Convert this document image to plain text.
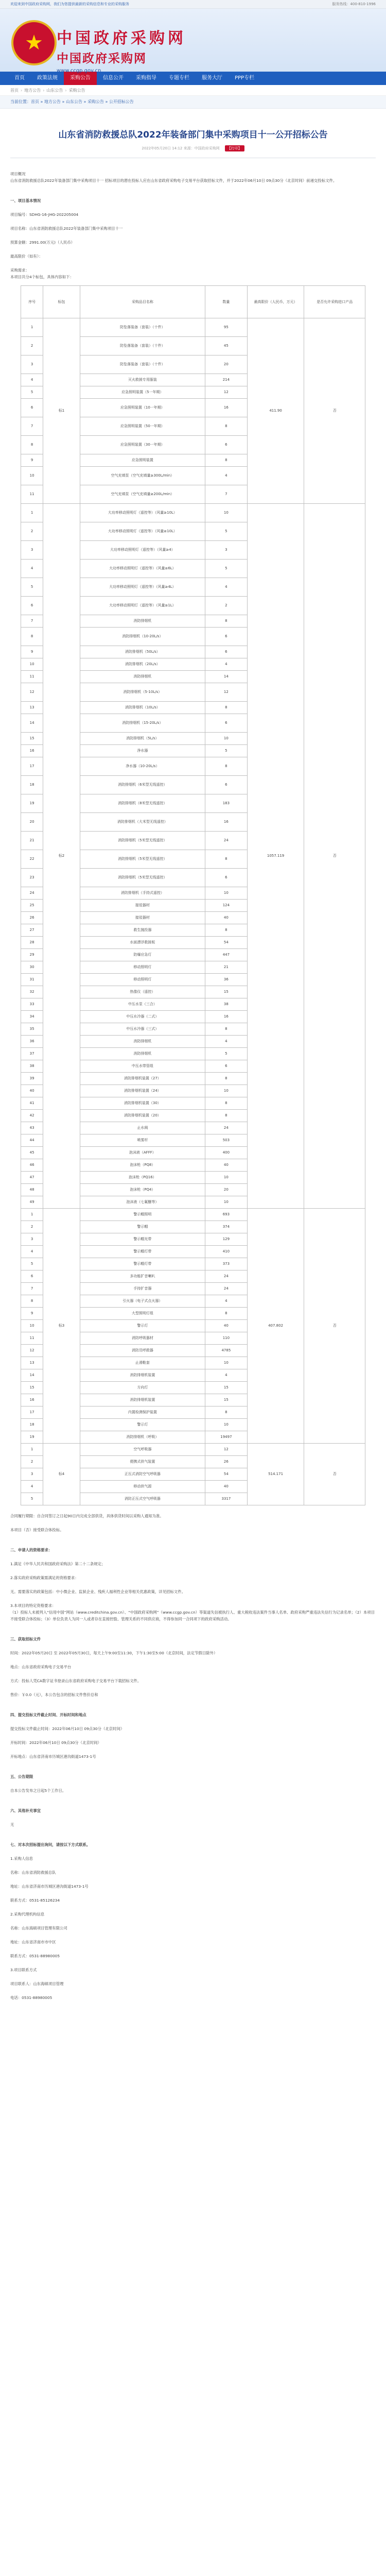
欢迎来到中国政府采购网，我们为您提供最新的采购信息和专业的采购服务	服务热线：400-810-1996
★ 中国政府采购网
中国政府采购网
www.ccgp.gov.cn
首页	政策法规	采购公告	信息公开	采购指导	专题专栏	服务大厅	PPP专栏
首页 › 地方公告 › 山东公告 › 采购公告
当前位置：首页 » 地方公告 » 山东公告 » 采购公告 » 公开招标公告
山东省消防救援总队2022年装备部门集中采购项目十一公开招标公告
2022年05月20日 14:12 来源：中国政府采购网	【打印】

项目概况

山东省消防救援总队2022年装备部门集中采购项目十一 招标项目的潜在投标人应在山东省政府采购电子交易平台获取招标文件，并于2022年06月10日 09点30分（北京时间）前递交投标文件。

一、项目基本情况

项目编号：SDHG-16-JHG-202205004

项目名称：山东省消防救援总队2022年装备部门集中采购项目十一

预算金额：2991.00(万元)（人民币）

最高限价（如有）：

采购需求：

本项目共分4个标包，具体内容如下：

序号	标包	采购品目名称	数量	最高限价（人民币，万元）	是否允许采购进口产品
1	标1	防坠落装备（套装）（十件）	95	411.90	否
2		防坠落装备（套装）（十件）	45		
3		防坠落装备（套装）（十件）	20		
4		灭火救援专用服装	214		
5		应急照明装置（5一年期）	12		
6		应急照明装置（10一年期）	16		
7		应急照明装置（50一年期）	8		
8		应急照明装置（30一年期）	6		
9		应急照明装置	8		
10		空气充填泵（空气充填量≥300L/min）	4		
11		空气充填泵（空气充填量≥200L/min）	7		
1	标2	大功率移动照明灯（遥控等）（风量≥10L）	10	1057.119	否
2		大功率移动照明灯（遥控等）（风量≥10L）	5		
3		大功率移动照明灯（遥控等）（风量≥4）	3		
4		大功率移动照明灯（遥控等）（风量≥6L）	5		
5		大功率移动照明灯（遥控等）（风量≥4L）	4		
6		大功率移动照明灯（遥控等）（风量≥1L）	2		
7		消防排烟机	8		
8		消防排烟机（10-20L/s）	6		
9		消防排烟机（50L/s）	6		
10		消防排烟机（20L/s）	4		
11		消防排烟机	14		
12		消防排烟机（5-10L/s）	12		
13		消防排烟机（10L/s）	8		
14		消防排烟机（15-20L/s）	6		
15		消防排烟机（5L/s）	10		
16		净水器	5		
17		净水器（10-20L/s）	8		
18		消防排烟机（6米型无线遥控）	6		
19		消防排烟机（8米型无线遥控）	183		
20		消防排烟机（大米型无线遥控）	16		
21		消防排烟机（5米型无线遥控）	24		
22		消防排烟机（5米型无线遥控）	8		
23		消防排烟机（5米型无线遥控）	6		
24		消防排烟机（手持式遥控）	10		
25		接驳器材	124		
26		接驳器材	40		
27		救生抛投器	8		
28		水面漂浮救援板	54		
29		防爆应急灯	447		
30		移动照明灯	21		
31		移动照明灯	36		
32		热像仪（遥控）	15		
33		中压水泵（三合）	38		
34		中压水冷器（二式）	16		
35		中压水冷器（三式）	8		
36		消防排烟机	4		
37		消防排烟机	5		
38		中压水带管组	6		
39		消防排烟机装置（27）	8		
40		消防排烟机装置（24）	10		
41		消防排烟机装置（30）	8		
42		消防排烟机装置（20）	8		
43		止水阀	24		
44		喷雾杆	503		
45		泡沫液（AFFF）	400		
46		泡沫枪（PQ8）	40		
47		泡沫枪（PQ16）	10		
48		泡沫枪（PQ4）	20		
49		泡沫液（七氟醚等）	10		
1	标3	警示帽照明	693	407.802	否
2		警示帽	374		
3		警示帽光带	129		
4		警示帽灯带	410		
5		警示帽灯带	373		
6		多功能扩音喇叭	24		
7		手持扩音器	24		
8		引火器（电子式点火器）	4		
9		大型照明灯组	8		
10		警示灯	40		
11		消防呼吸器材	110		
12		消防员呼救器	4785		
13		止滑鞋套	10		
14		消防排烟机装置	4		
15		方向灯	15		
16		消防排烟机装置	15		
17		内置检测保护装置	8		
18		警示灯	10		
19		消防排烟机（呼吸）	19497		
1	标4	空气呼吸器	12	514.171	否
2		便携式供气装置	26		
3		正压式消防空气呼吸器	54		
4		移动供气源	40		
5		消防正压式空气呼吸器	3317		

合同履行期限：自合同签订之日起90日内完成全部供货，具体供货时间以采购人通知为准。

本项目（否）接受联合体投标。

二、申请人的资格要求：

1.满足《中华人民共和国政府采购法》第二十二条规定；

2.落实政府采购政策需满足的资格要求：

无。需要落实的政策包括：中小微企业、监狱企业、残疾人福利性企业等相关优惠政策，详见招标文件。

3.本项目的特定资格要求：

（1）投标人未被列入“信用中国”网站（www.creditchina.gov.cn）、“中国政府采购网”（www.ccgp.gov.cn）等渠道失信被执行人、重大税收违法案件当事人名单、政府采购严重违法失信行为记录名单；（2）本项目不接受联合体投标；（3）单位负责人为同一人或者存在直接控股、管理关系的不同供应商，不得参加同一合同项下的政府采购活动。

三、获取招标文件

时间：2022年05月20日 至 2022年05月30日，每天上午9:00至11:30，下午1:30至5:00（北京时间，法定节假日除外）

地点：山东省政府采购电子交易平台

方式：投标人凭CA数字证书登录山东省政府采购电子交易平台下载招标文件。

售价：￥0.0（元），本公告包含的招标文件售价总和

四、提交投标文件截止时间、开标时间和地点

提交投标文件截止时间：2022年06月10日 09点30分（北京时间）

开标时间：2022年06月10日 09点30分（北京时间）

开标地点：山东省济南市历城区港沟街道1473-1号

五、公告期限

自本公告发布之日起5个工作日。

六、其他补充事宜

无

七、对本次招标提出询问，请按以下方式联系。

1.采购人信息

名称：山东省消防救援总队

地址：山东省济南市历城区港沟街道1473-1号

联系方式：0531-85126234

2.采购代理机构信息

名称：山东海硕项目管理有限公司

地址：山东省济南市市中区

联系方式：0531-88980005

3.项目联系方式

项目联系人：山东海硕项目管理

电话：0531-88980005
